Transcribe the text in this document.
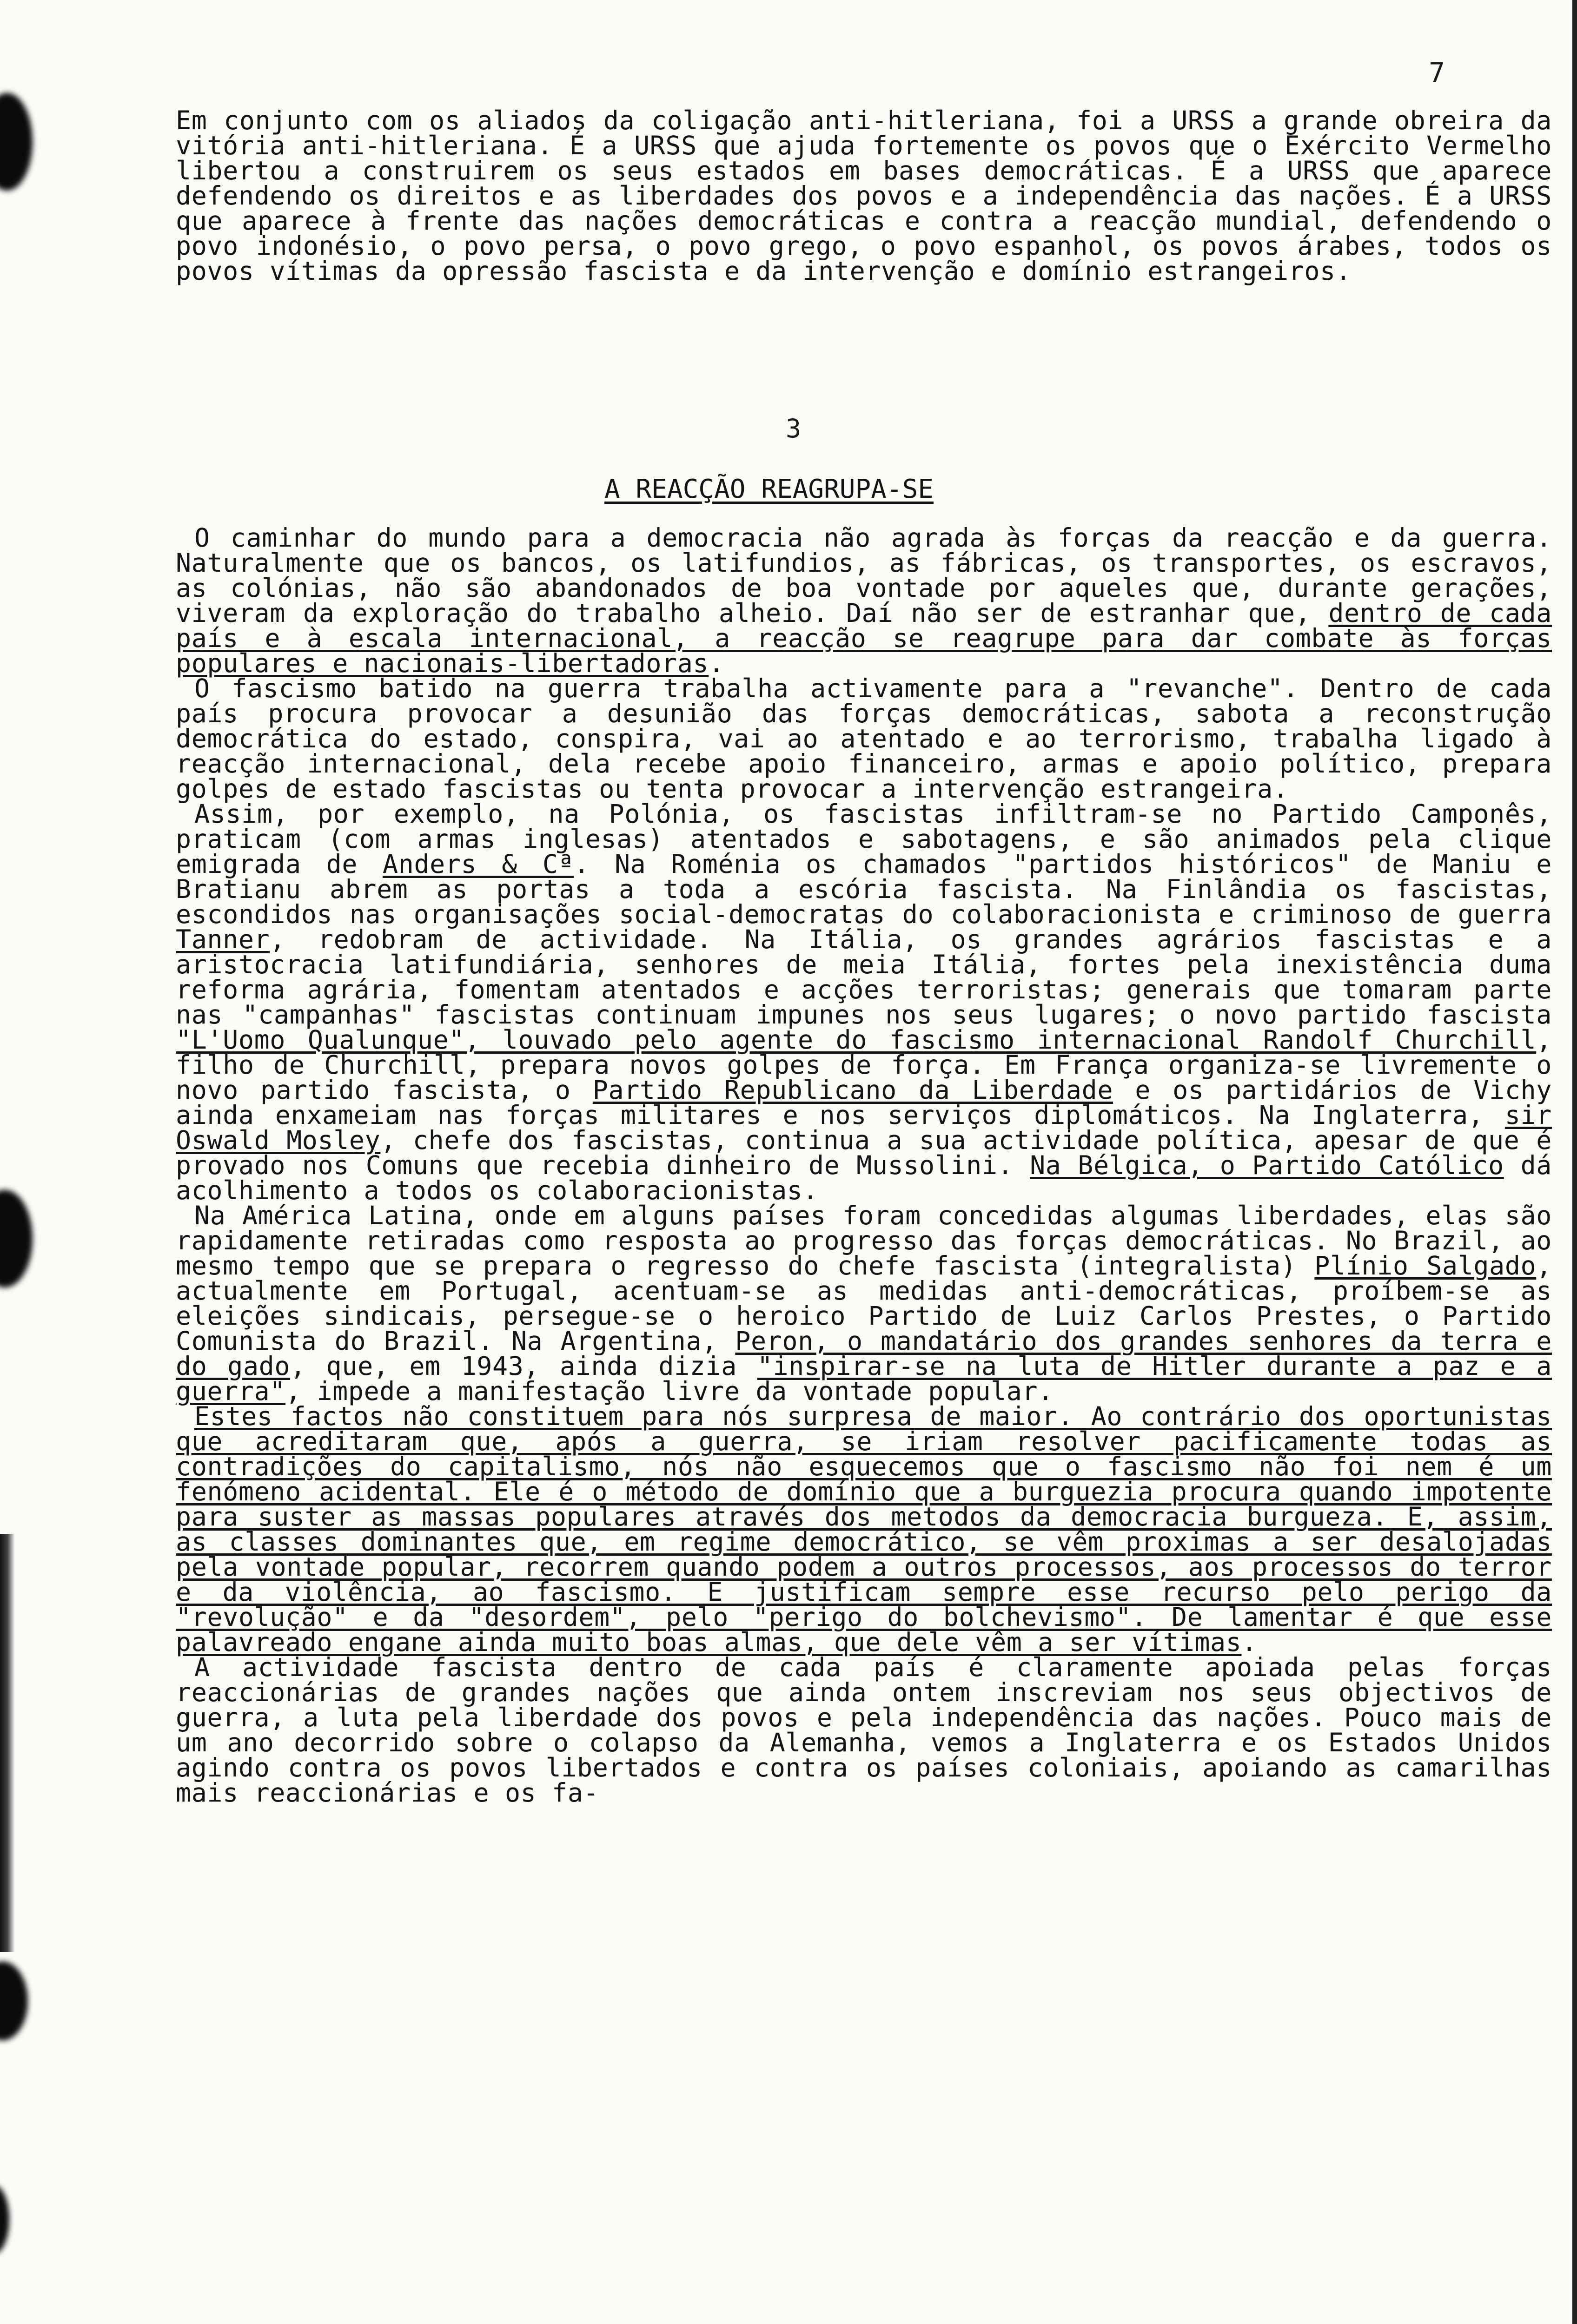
7

Em conjunto com os aliados da coligação anti-hitleriana, foi a URSS a grande obreira da vitória anti-hitleriana. É a URSS que ajuda fortemente os povos que o Exército Vermelho libertou a construirem os seus estados em bases democráticas. É a URSS que aparece defendendo os direitos e as liberdades dos povos e a independência das nações. É a URSS que aparece à frente das nações democráticas e contra a reacção mundial, defendendo o povo indonésio, o povo persa, o povo grego, o povo espanhol, os povos árabes, todos os povos vítimas da opressão fascista e da intervenção e domínio estrangeiros.

3
A REACÇÃO REAGRUPA-SE

O caminhar do mundo para a democracia não agrada às forças da reacção e da guerra. Naturalmente que os bancos, os latifundios, as fábricas, os transportes, os escravos, as colónias, não são abandonados de boa vontade por aqueles que, durante gerações, viveram da exploração do trabalho alheio. Daí não ser de estranhar que, dentro de cada país e à escala internacional, a reacção se reagrupe para dar combate às forças populares e nacionais-libertadoras.

O fascismo batido na guerra trabalha activamente para a "revanche". Dentro de cada país procura provocar a desunião das forças democráticas, sabota a reconstrução democrática do estado, conspira, vai ao atentado e ao terrorismo, trabalha ligado à reacção internacional, dela recebe apoio financeiro, armas e apoio político, prepara golpes de estado fascistas ou tenta provocar a intervenção estrangeira.

Assim, por exemplo, na Polónia, os fascistas infiltram-se no Partido Camponês, praticam (com armas inglesas) atentados e sabotagens, e são animados pela clique emigrada de Anders & Cª. Na Roménia os chamados "partidos históricos" de Maniu e Bratianu abrem as portas a toda a escória fascista. Na Finlândia os fascistas, escondidos nas organisações social-democratas do colaboracionista e criminoso de guerra Tanner, redobram de actividade. Na Itália, os grandes agrários fascistas e a aristocracia latifundiária, senhores de meia Itália, fortes pela inexistência duma reforma agrária, fomentam atentados e acções terroristas; generais que tomaram parte nas "campanhas" fascistas continuam impunes nos seus lugares; o novo partido fascista "L'Uomo Qualunque", louvado pelo agente do fascismo internacional Randolf Churchill, filho de Churchill, prepara novos golpes de força. Em França organiza-se livremente o novo partido fascista, o Partido Republicano da Liberdade e os partidários de Vichy ainda enxameiam nas forças militares e nos serviços diplomáticos. Na Inglaterra, sir Oswald Mosley, chefe dos fascistas, continua a sua actividade política, apesar de que é provado nos Comuns que recebia dinheiro de Mussolini. Na Bélgica, o Partido Católico dá acolhimento a todos os colaboracionistas.

Na América Latina, onde em alguns países foram concedidas algumas liberdades, elas são rapidamente retiradas como resposta ao progresso das forças democráticas. No Brazil, ao mesmo tempo que se prepara o regresso do chefe fascista (integralista) Plínio Salgado, actualmente em Portugal, acentuam-se as medidas anti-democráticas, proíbem-se as eleições sindicais, persegue-se o heroico Partido de Luiz Carlos Prestes, o Partido Comunista do Brazil. Na Argentina, Peron, o mandatário dos grandes senhores da terra e do gado, que, em 1943, ainda dizia "inspirar-se na luta de Hitler durante a paz e a guerra", impede a manifestação livre da vontade popular.

Estes factos não constituem para nós surpresa de maior. Ao contrário dos oportunistas que acreditaram que, após a guerra, se iriam resolver pacificamente todas as contradições do capitalismo, nós não esquecemos que o fascismo não foi nem é um fenómeno acidental. Ele é o método de domínio que a burguezia procura quando impotente para suster as massas populares através dos metodos da democracia burgueza. E, assim, as classes dominantes que, em regime democrático, se vêm proximas a ser desalojadas pela vontade popular, recorrem quando podem a outros processos, aos processos do terror e da violência, ao fascismo. E justificam sempre esse recurso pelo perigo da "revolução" e da "desordem", pelo "perigo do bolchevismo". De lamentar é que esse palavreado engane ainda muito boas almas, que dele vêm a ser vítimas.

A actividade fascista dentro de cada país é claramente apoiada pelas forças reaccionárias de grandes nações que ainda ontem inscreviam nos seus objectivos de guerra, a luta pela liberdade dos povos e pela independência das nações. Pouco mais de um ano decorrido sobre o colapso da Alemanha, vemos a Inglaterra e os Estados Unidos agindo contra os povos libertados e contra os países coloniais, apoiando as camarilhas mais reaccionárias e os fa-
